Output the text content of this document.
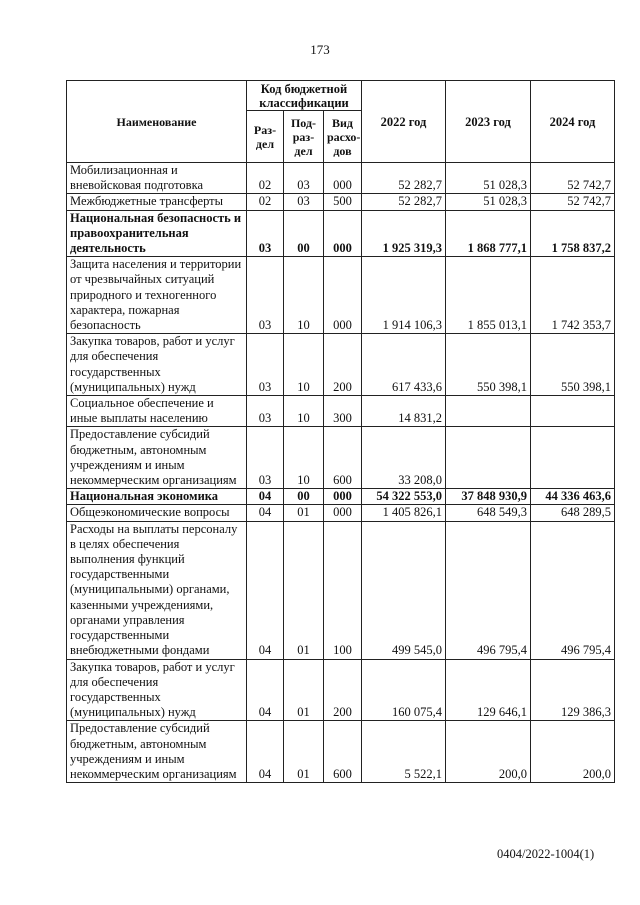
173
Наименование	Код бюджетной классификации			2022 год	2023 год	2024 год
	Раз-дел	Под-раз-дел	Вид расхо-дов			
Мобилизационная и вневойсковая подготовка	02	03	000	52 282,7	51 028,3	52 742,7
Межбюджетные трансферты	02	03	500	52 282,7	51 028,3	52 742,7
Национальная безопасность и правоохранительная деятельность	03	00	000	1 925 319,3	1 868 777,1	1 758 837,2
Защита населения и территории от чрезвычайных ситуаций природного и техногенного характера, пожарная безопасность	03	10	000	1 914 106,3	1 855 013,1	1 742 353,7
Закупка товаров, работ и услуг для обеспечения государственных (муниципальных) нужд	03	10	200	617 433,6	550 398,1	550 398,1
Социальное обеспечение и иные выплаты населению	03	10	300	14 831,2		
Предоставление субсидий бюджетным, автономным учреждениям и иным некоммерческим организациям	03	10	600	33 208,0		
Национальная экономика	04	00	000	54 322 553,0	37 848 930,9	44 336 463,6
Общеэкономические вопросы	04	01	000	1 405 826,1	648 549,3	648 289,5
Расходы на выплаты персоналу в целях обеспечения выполнения функций государственными (муниципальными) органами, казенными учреждениями, органами управления государственными внебюджетными фондами	04	01	100	499 545,0	496 795,4	496 795,4
Закупка товаров, работ и услуг для обеспечения государственных (муниципальных) нужд	04	01	200	160 075,4	129 646,1	129 386,3
Предоставление субсидий бюджетным, автономным учреждениям и иным некоммерческим организациям	04	01	600	5 522,1	200,0	200,0
0404/2022-1004(1)
